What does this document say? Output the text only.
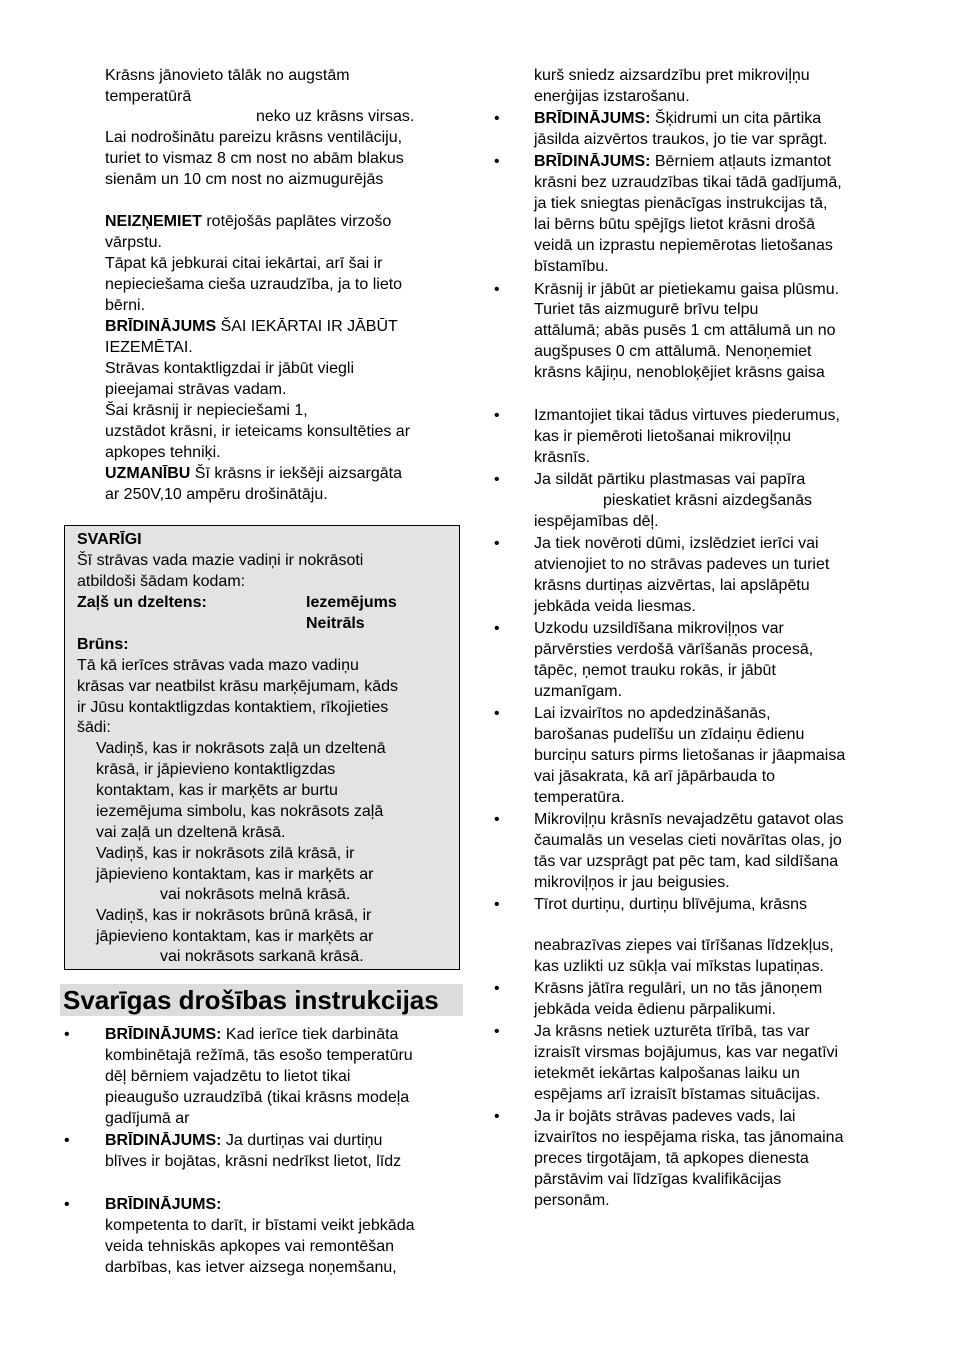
Krāsns jānovieto tālāk no augstām
temperatūrā
neko uz krāsns virsas.
Lai nodrošinātu pareizu krāsns ventilāciju,
turiet to vismaz 8 cm nost no abām blakus
sienām un 10 cm nost no aizmugurējās
NEIZŅEMIET rotējošās paplātes virzošo
vārpstu.
Tāpat kā jebkurai citai iekārtai, arī šai ir
nepieciešama cieša uzraudzība, ja to lieto
bērni.
BRĪDINĀJUMS ŠAI IEKĀRTAI IR JĀBŪT
IEZEMĒTAI.
Strāvas kontaktligzdai ir jābūt viegli
pieejamai strāvas vadam.
Šai krāsnij ir nepieciešami 1,
uzstādot krāsni, ir ieteicams konsultēties ar
apkopes tehniķi.
UZMANĪBU Šī krāsns ir iekšēji aizsargāta
ar 250V,10 ampēru drošinātāju.
SVARĪGI
Šī strāvas vada mazie vadiņi ir nokrāsoti
atbildoši šādam kodam:
Zaļš un dzeltens:	Iezemējums
Neitrāls
Brūns:
Tā kā ierīces strāvas vada mazo vadiņu
krāsas var neatbilst krāsu marķējumam, kāds
ir Jūsu kontaktligzdas kontaktiem, rīkojieties
šādi:
Vadiņš, kas ir nokrāsots zaļā un dzeltenā
krāsā, ir jāpievieno kontaktligzdas
kontaktam, kas ir marķēts ar burtu
iezemējuma simbolu, kas nokrāsots zaļā
vai zaļā un dzeltenā krāsā.
Vadiņš, kas ir nokrāsots zilā krāsā, ir
jāpievieno kontaktam, kas ir marķēts ar
vai nokrāsots melnā krāsā.
Vadiņš, kas ir nokrāsots brūnā krāsā, ir
jāpievieno kontaktam, kas ir marķēts ar
vai nokrāsots sarkanā krāsā.
Svarīgas drošības instrukcijas
• BRĪDINĀJUMS: Kad ierīce tiek darbināta
kombinētajā režīmā, tās esošo temperatūru
dēļ bērniem vajadzētu to lietot tikai
pieaugušo uzraudzībā (tikai krāsns modeļa
gadījumā ar
• BRĪDINĀJUMS: Ja durtiņas vai durtiņu
blīves ir bojātas, krāsni nedrīkst lietot, līdz
• BRĪDINĀJUMS:
kompetenta to darīt, ir bīstami veikt jebkāda
veida tehniskās apkopes vai remontēšan
darbības, kas ietver aizsega noņemšanu,
kurš sniedz aizsardzību pret mikroviļņu
enerģijas izstarošanu.
• BRĪDINĀJUMS: Šķidrumi un cita pārtika
jāsilda aizvērtos traukos, jo tie var sprāgt.
• BRĪDINĀJUMS: Bērniem atļauts izmantot
krāsni bez uzraudzības tikai tādā gadījumā,
ja tiek sniegtas pienācīgas instrukcijas tā,
lai bērns būtu spējīgs lietot krāsni drošā
veidā un izprastu nepiemērotas lietošanas
bīstamību.
• Krāsnij ir jābūt ar pietiekamu gaisa plūsmu.
Turiet tās aizmugurē brīvu telpu
attālumā; abās pusēs 1 cm attālumā un no
augšpuses 0 cm attālumā. Nenoņemiet
krāsns kājiņu, nenobloķējiet krāsns gaisa
• Izmantojiet tikai tādus virtuves piederumus,
kas ir piemēroti lietošanai mikroviļņu
krāsnīs.
• Ja sildāt pārtiku plastmasas vai papīra
pieskatiet krāsni aizdegšanās
iespējamības dēļ.
• Ja tiek novēroti dūmi, izslēdziet ierīci vai
atvienojiet to no strāvas padeves un turiet
krāsns durtiņas aizvērtas, lai apslāpētu
jebkāda veida liesmas.
• Uzkodu uzsildīšana mikroviļņos var
pārvērsties verdošā vārīšanās procesā,
tāpēc, ņemot trauku rokās, ir jābūt
uzmanīgam.
• Lai izvairītos no apdedzināšanās,
barošanas pudelīšu un zīdaiņu ēdienu
burciņu saturs pirms lietošanas ir jāapmaisa
vai jāsakrata, kā arī jāpārbauda to
temperatūra.
• Mikroviļņu krāsnīs nevajadzētu gatavot olas
čaumalās un veselas cieti novārītas olas, jo
tās var uzsprāgt pat pēc tam, kad sildīšana
mikroviļņos ir jau beigusies.
• Tīrot durtiņu, durtiņu blīvējuma, krāsns
neabrazīvas ziepes vai tīrīšanas līdzekļus,
kas uzlikti uz sūkļa vai mīkstas lupatiņas.
• Krāsns jātīra regulāri, un no tās jānoņem
jebkāda veida ēdienu pārpalikumi.
• Ja krāsns netiek uzturēta tīrībā, tas var
izraisīt virsmas bojājumus, kas var negatīvi
ietekmēt iekārtas kalpošanas laiku un
espējams arī izraisīt bīstamas situācijas.
• Ja ir bojāts strāvas padeves vads, lai
izvairītos no iespējama riska, tas jānomaina
preces tirgotājam, tā apkopes dienesta
pārstāvim vai līdzīgas kvalifikācijas
personām.
